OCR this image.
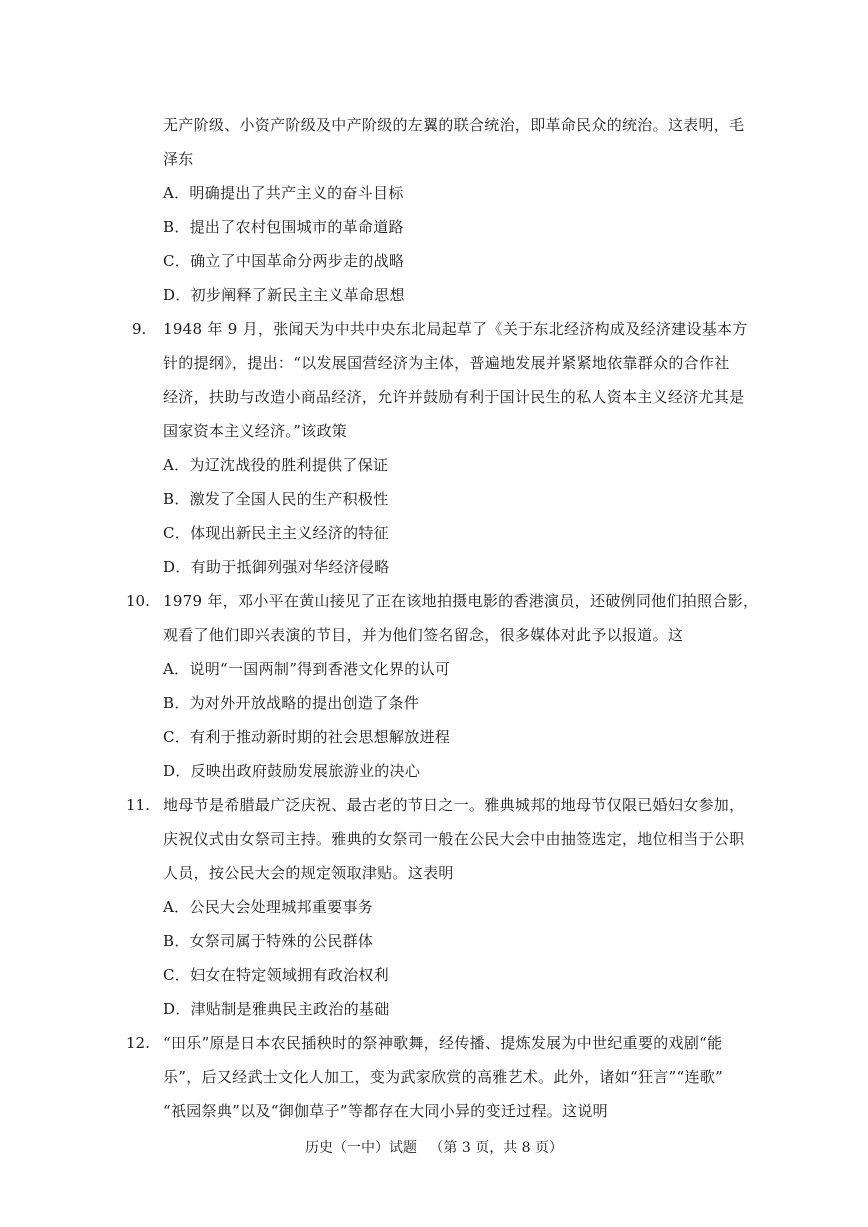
无产阶级、小资产阶级及中产阶级的左翼的联合统治，即革命民众的统治。这表明，毛
泽东
A．明确提出了共产主义的奋斗目标
B．提出了农村包围城市的革命道路
C．确立了中国革命分两步走的战略
D．初步阐释了新民主主义革命思想
9. 1948 年 9 月，张闻天为中共中央东北局起草了《关于东北经济构成及经济建设基本方
针的提纲》，提出：“以发展国营经济为主体，普遍地发展并紧紧地依靠群众的合作社
经济，扶助与改造小商品经济，允许并鼓励有利于国计民生的私人资本主义经济尤其是
国家资本主义经济。”该政策
A．为辽沈战役的胜利提供了保证
B．激发了全国人民的生产积极性
C．体现出新民主主义经济的特征
D．有助于抵御列强对华经济侵略
10. 1979 年，邓小平在黄山接见了正在该地拍摄电影的香港演员，还破例同他们拍照合影，
观看了他们即兴表演的节目，并为他们签名留念，很多媒体对此予以报道。这
A．说明“一国两制”得到香港文化界的认可
B．为对外开放战略的提出创造了条件
C．有利于推动新时期的社会思想解放进程
D．反映出政府鼓励发展旅游业的决心
11. 地母节是希腊最广泛庆祝、最古老的节日之一。雅典城邦的地母节仅限已婚妇女参加，
庆祝仪式由女祭司主持。雅典的女祭司一般在公民大会中由抽签选定，地位相当于公职
人员，按公民大会的规定领取津贴。这表明
A．公民大会处理城邦重要事务
B．女祭司属于特殊的公民群体
C．妇女在特定领域拥有政治权利
D．津贴制是雅典民主政治的基础
12. “田乐”原是日本农民插秧时的祭神歌舞，经传播、提炼发展为中世纪重要的戏剧“能
乐”，后又经武士文化人加工，变为武家欣赏的高雅艺术。此外，诸如“狂言”“连歌”
“祇园祭典”以及“御伽草子”等都存在大同小异的变迁过程。这说明
历史（一中）试题 （第 3 页，共 8 页）
